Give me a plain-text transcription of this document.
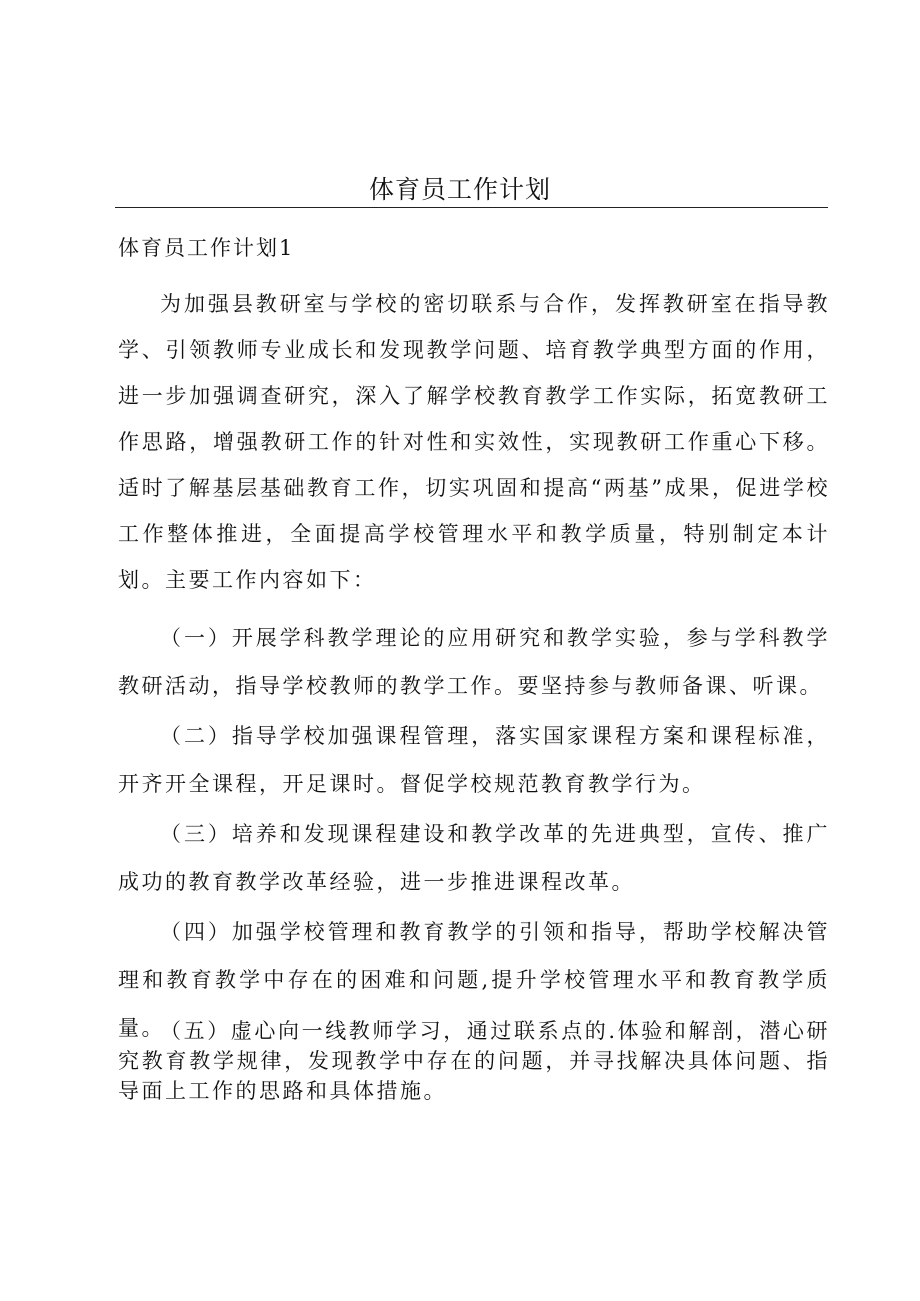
体育员工作计划
体育员工作计划1

为加强县教研室与学校的密切联系与合作，发挥教研室在指导教学、引领教师专业成长和发现教学问题、培育教学典型方面的作用，进一步加强调查研究，深入了解学校教育教学工作实际，拓宽教研工作思路，增强教研工作的针对性和实效性，实现教研工作重心下移。适时了解基层基础教育工作，切实巩固和提高“两基”成果，促进学校工作整体推进，全面提高学校管理水平和教学质量，特别制定本计划。主要工作内容如下：

（一）开展学科教学理论的应用研究和教学实验，参与学科教学教研活动，指导学校教师的教学工作。要坚持参与教师备课、听课。

（二）指导学校加强课程管理，落实国家课程方案和课程标准，开齐开全课程，开足课时。督促学校规范教育教学行为。

（三）培养和发现课程建设和教学改革的先进典型，宣传、推广成功的教育教学改革经验，进一步推进课程改革。

（四）加强学校管理和教育教学的引领和指导，帮助学校解决管理和教育教学中存在的困难和问题,提升学校管理水平和教育教学质量。

（五）虚心向一线教师学习，通过联系点的.体验和解剖，潜心研究教育教学规律，发现教学中存在的问题，并寻找解决具体问题、指导面上工作的思路和具体措施。
